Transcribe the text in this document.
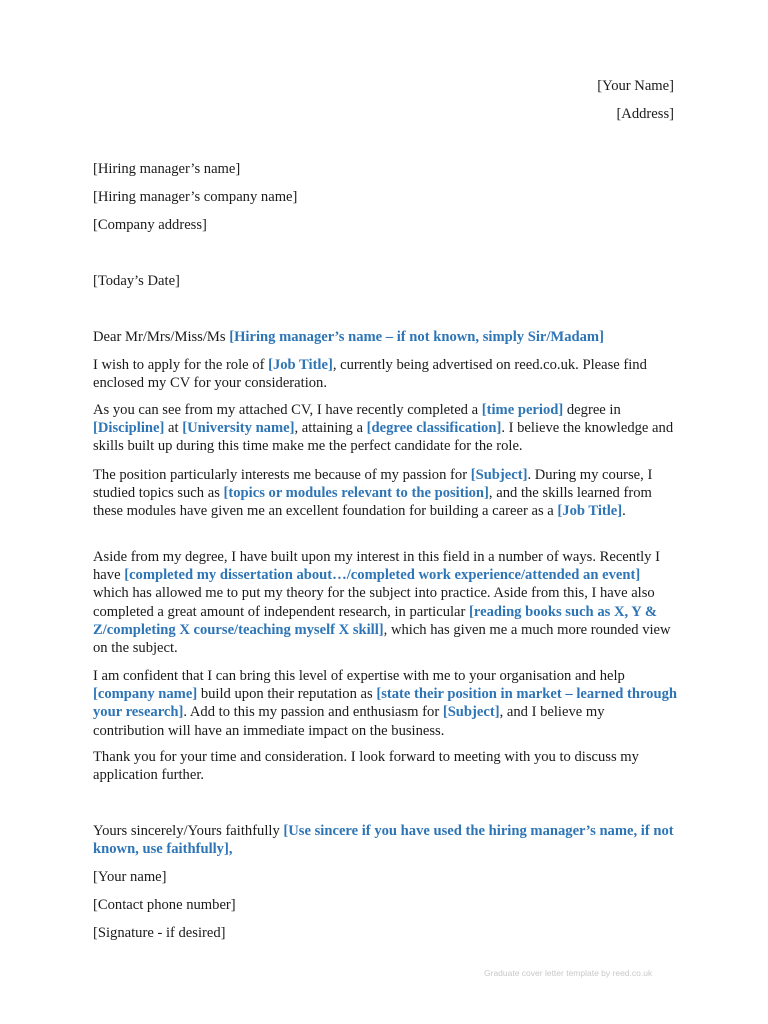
[Your Name]
[Address]
[Hiring manager’s name]
[Hiring manager’s company name]
[Company address]
[Today’s Date]
Dear Mr/Mrs/Miss/Ms [Hiring manager’s name – if not known, simply Sir/Madam]
I wish to apply for the role of [Job Title], currently being advertised on reed.co.uk. Please find enclosed my CV for your consideration.
As you can see from my attached CV, I have recently completed a [time period] degree in [Discipline] at [University name], attaining a [degree classification]. I believe the knowledge and skills built up during this time make me the perfect candidate for the role.
The position particularly interests me because of my passion for [Subject]. During my course, I studied topics such as [topics or modules relevant to the position], and the skills learned from these modules have given me an excellent foundation for building a career as a [Job Title].
Aside from my degree, I have built upon my interest in this field in a number of ways. Recently I have [completed my dissertation about…/completed work experience/attended an event] which has allowed me to put my theory for the subject into practice. Aside from this, I have also completed a great amount of independent research, in particular [reading books such as X, Y & Z/completing X course/teaching myself X skill], which has given me a much more rounded view on the subject.
I am confident that I can bring this level of expertise with me to your organisation and help [company name] build upon their reputation as [state their position in market – learned through your research]. Add to this my passion and enthusiasm for [Subject], and I believe my contribution will have an immediate impact on the business.
Thank you for your time and consideration. I look forward to meeting with you to discuss my application further.
Yours sincerely/Yours faithfully [Use sincere if you have used the hiring manager’s name, if not known, use faithfully],
[Your name]
[Contact phone number]
[Signature - if desired]
Graduate cover letter template by reed.co.uk
